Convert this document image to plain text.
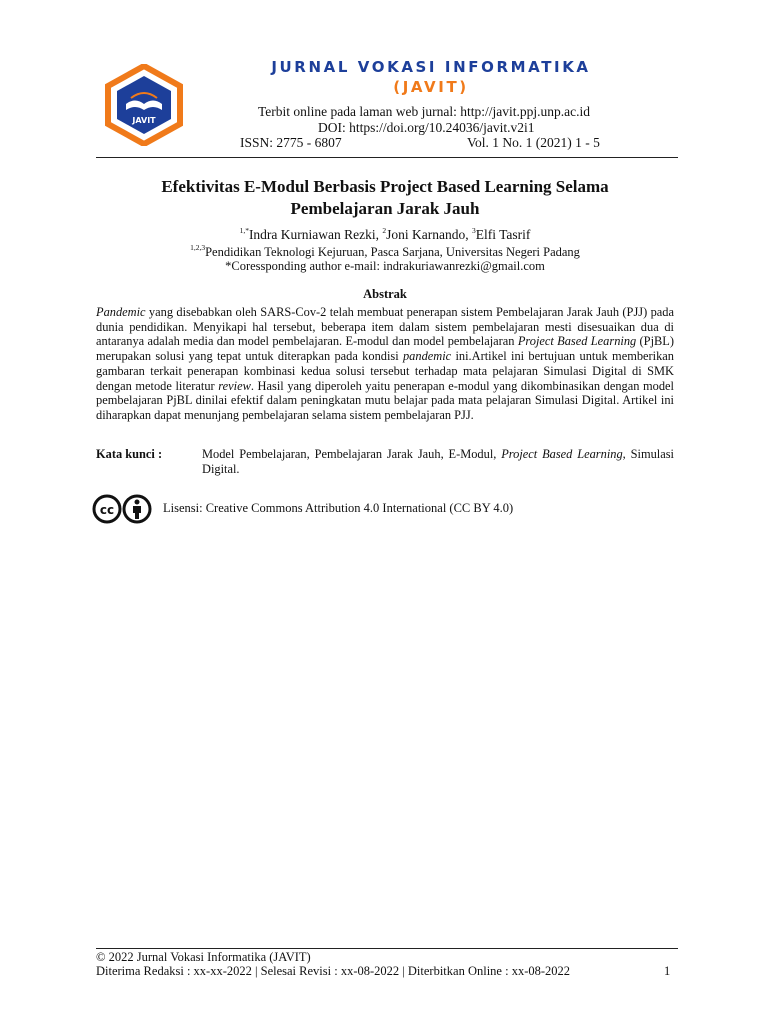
JAVIT
JURNAL VOKASI INFORMATIKA
(JAVIT)
Terbit online pada laman web jurnal: http://javit.ppj.unp.ac.id
DOI: https://doi.org/10.24036/javit.v2i1
ISSN: 2775 - 6807	Vol. 1 No. 1 (2021) 1 - 5
Efektivitas E-Modul Berbasis Project Based Learning Selama
Pembelajaran Jarak Jauh
$^{1,*}$Indra Kurniawan Rezki, $^2$Joni Karnando, $^3$Elfi Tasrif
$^{1,2,3}$Pendidikan Teknologi Kejuruan, Pasca Sarjana, Universitas Negeri Padang
*Coressponding author e-mail: indrakuriawanrezki@gmail.com
Abstrak
Pandemic yang disebabkan oleh SARS-Cov-2 telah membuat penerapan sistem Pembelajaran Jarak Jauh (PJJ) pada dunia pendidikan. Menyikapi hal tersebut, beberapa item dalam sistem pembelajaran mesti disesuaikan dua di antaranya adalah media dan model pembelajaran. E-modul dan model pembelajaran Project Based Learning (PjBL) merupakan solusi yang tepat untuk diterapkan pada kondisi pandemic ini.Artikel ini bertujuan untuk memberikan gambaran terkait penerapan kombinasi kedua solusi tersebut terhadap mata pelajaran Simulasi Digital di SMK dengan metode literatur review. Hasil yang diperoleh yaitu penerapan e-modul yang dikombinasikan dengan model pembelajaran PjBL dinilai efektif dalam peningkatan mutu belajar pada mata pelajaran Simulasi Digital. Artikel ini diharapkan dapat menunjang pembelajaran selama sistem pembelajaran PJJ.
Kata kunci :	Model Pembelajaran, Pembelajaran Jarak Jauh, E-Modul, Project Based Learning, Simulasi Digital.
cc	Lisensi: Creative Commons Attribution 4.0 International (CC BY 4.0)
© 2022 Jurnal Vokasi Informatika (JAVIT)
Diterima Redaksi : xx-xx-2022 | Selesai Revisi : xx-08-2022 | Diterbitkan Online : xx-08-2022	1
